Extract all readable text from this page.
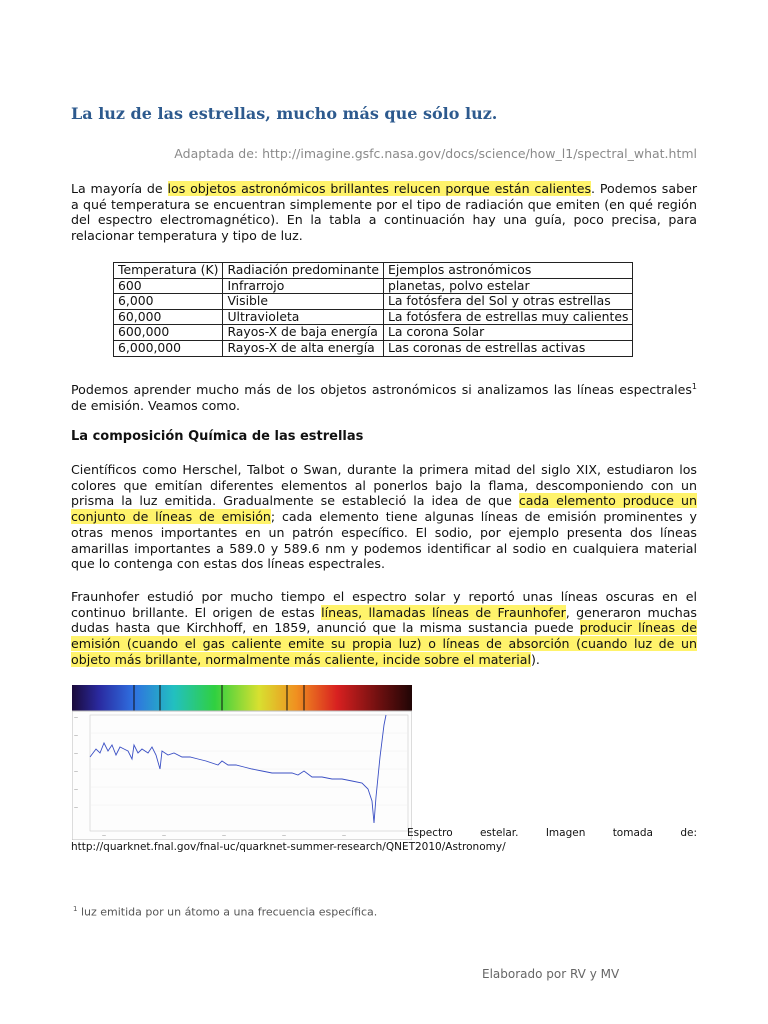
La luz de las estrellas, mucho más que sólo luz.
Adaptada de: http://imagine.gsfc.nasa.gov/docs/science/how_l1/spectral_what.html
La mayoría de los objetos astronómicos brillantes relucen porque están calientes. Podemos saber
a qué temperatura se encuentran simplemente por el tipo de radiación que emiten (en qué región
del espectro electromagnético). En la tabla a continuación hay una guía, poco precisa, para
relacionar temperatura y tipo de luz.
Temperatura (K)	Radiación predominante	Ejemplos astronómicos
600	Infrarrojo	planetas, polvo estelar
6,000	Visible	La fotósfera del Sol y otras estrellas
60,000	Ultravioleta	La fotósfera de estrellas muy calientes
600,000	Rayos-X de baja energía	La corona Solar
6,000,000	Rayos-X de alta energía	Las coronas de estrellas activas
Podemos aprender mucho más de los objetos astronómicos si analizamos las líneas espectrales$^1$
de emisión. Veamos como.
La composición Química de las estrellas
Científicos como Herschel, Talbot o Swan, durante la primera mitad del siglo XIX, estudiaron los
colores que emitían diferentes elementos al ponerlos bajo la flama, descomponiendo con un
prisma la luz emitida. Gradualmente se estableció la idea de que cada elemento produce un
conjunto de líneas de emisión; cada elemento tiene algunas líneas de emisión prominentes y
otras menos importantes en un patrón específico. El sodio, por ejemplo presenta dos líneas
amarillas importantes a 589.0 y 589.6 nm y podemos identificar al sodio en cualquiera material
que lo contenga con estas dos líneas espectrales.
Fraunhofer estudió por mucho tiempo el espectro solar y reportó unas líneas oscuras en el
continuo brillante. El origen de estas líneas, llamadas líneas de Fraunhofer, generaron muchas
dudas hasta que Kirchhoff, en 1859, anunció que la misma sustancia puede producir líneas de
emisión (cuando el gas caliente emite su propia luz) o líneas de absorción (cuando luz de un
objeto más brillante, normalmente más caliente, incide sobre el material).
—
—
—
—
—
—
—	—	—	—	—	Espectro	estelar.	Imagen	tomada	de:
http://quarknet.fnal.gov/fnal-uc/quarknet-summer-research/QNET2010/Astronomy/
$^1$ luz emitida por un átomo a una frecuencia específica.
Elaborado por RV y MV
